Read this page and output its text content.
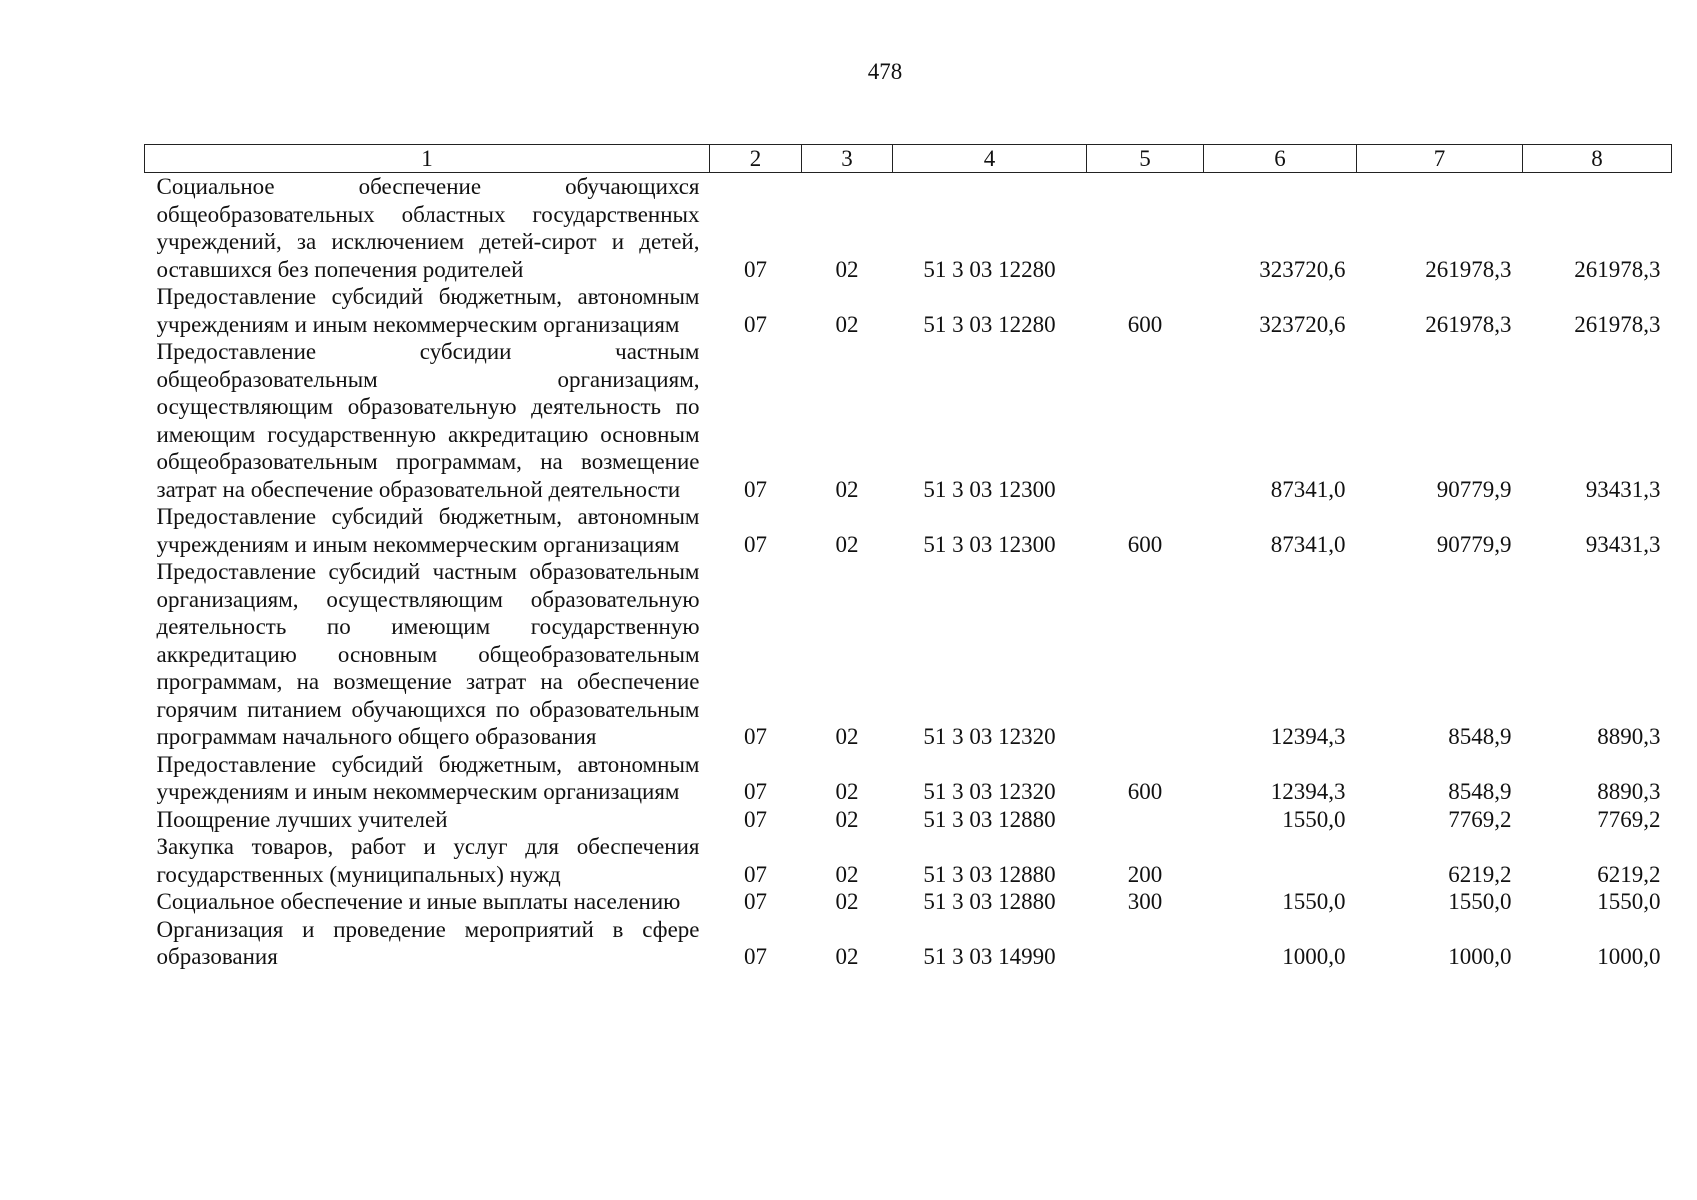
478
1	2	3	4	5	6	7	8
Социальное обеспечение обучающихся общеобразовательных областных государственных учреждений, за исключением детей-сирот и детей, оставшихся без попечения родителей	07	02	51 3 03 12280		323720,6	261978,3	261978,3
Предоставление субсидий бюджетным, автономным учреждениям и иным некоммерческим организациям	07	02	51 3 03 12280	600	323720,6	261978,3	261978,3
Предоставление субсидии частным общеобразовательным организациям, осуществляющим образовательную деятельность по имеющим государственную аккредитацию основным общеобразовательным программам, на возмещение затрат на обеспечение образовательной деятельности	07	02	51 3 03 12300		87341,0	90779,9	93431,3
Предоставление субсидий бюджетным, автономным учреждениям и иным некоммерческим организациям	07	02	51 3 03 12300	600	87341,0	90779,9	93431,3
Предоставление субсидий частным образовательным организациям, осуществляющим образовательную деятельность по имеющим государственную аккредитацию основным общеобразовательным программам, на возмещение затрат на обеспечение горячим питанием обучающихся по образовательным программам начального общего образования	07	02	51 3 03 12320		12394,3	8548,9	8890,3
Предоставление субсидий бюджетным, автономным учреждениям и иным некоммерческим организациям	07	02	51 3 03 12320	600	12394,3	8548,9	8890,3
Поощрение лучших учителей	07	02	51 3 03 12880		1550,0	7769,2	7769,2
Закупка товаров, работ и услуг для обеспечения государственных (муниципальных) нужд	07	02	51 3 03 12880	200		6219,2	6219,2
Социальное обеспечение и иные выплаты населению	07	02	51 3 03 12880	300	1550,0	1550,0	1550,0
Организация и проведение мероприятий в сфере образования	07	02	51 3 03 14990		1000,0	1000,0	1000,0
